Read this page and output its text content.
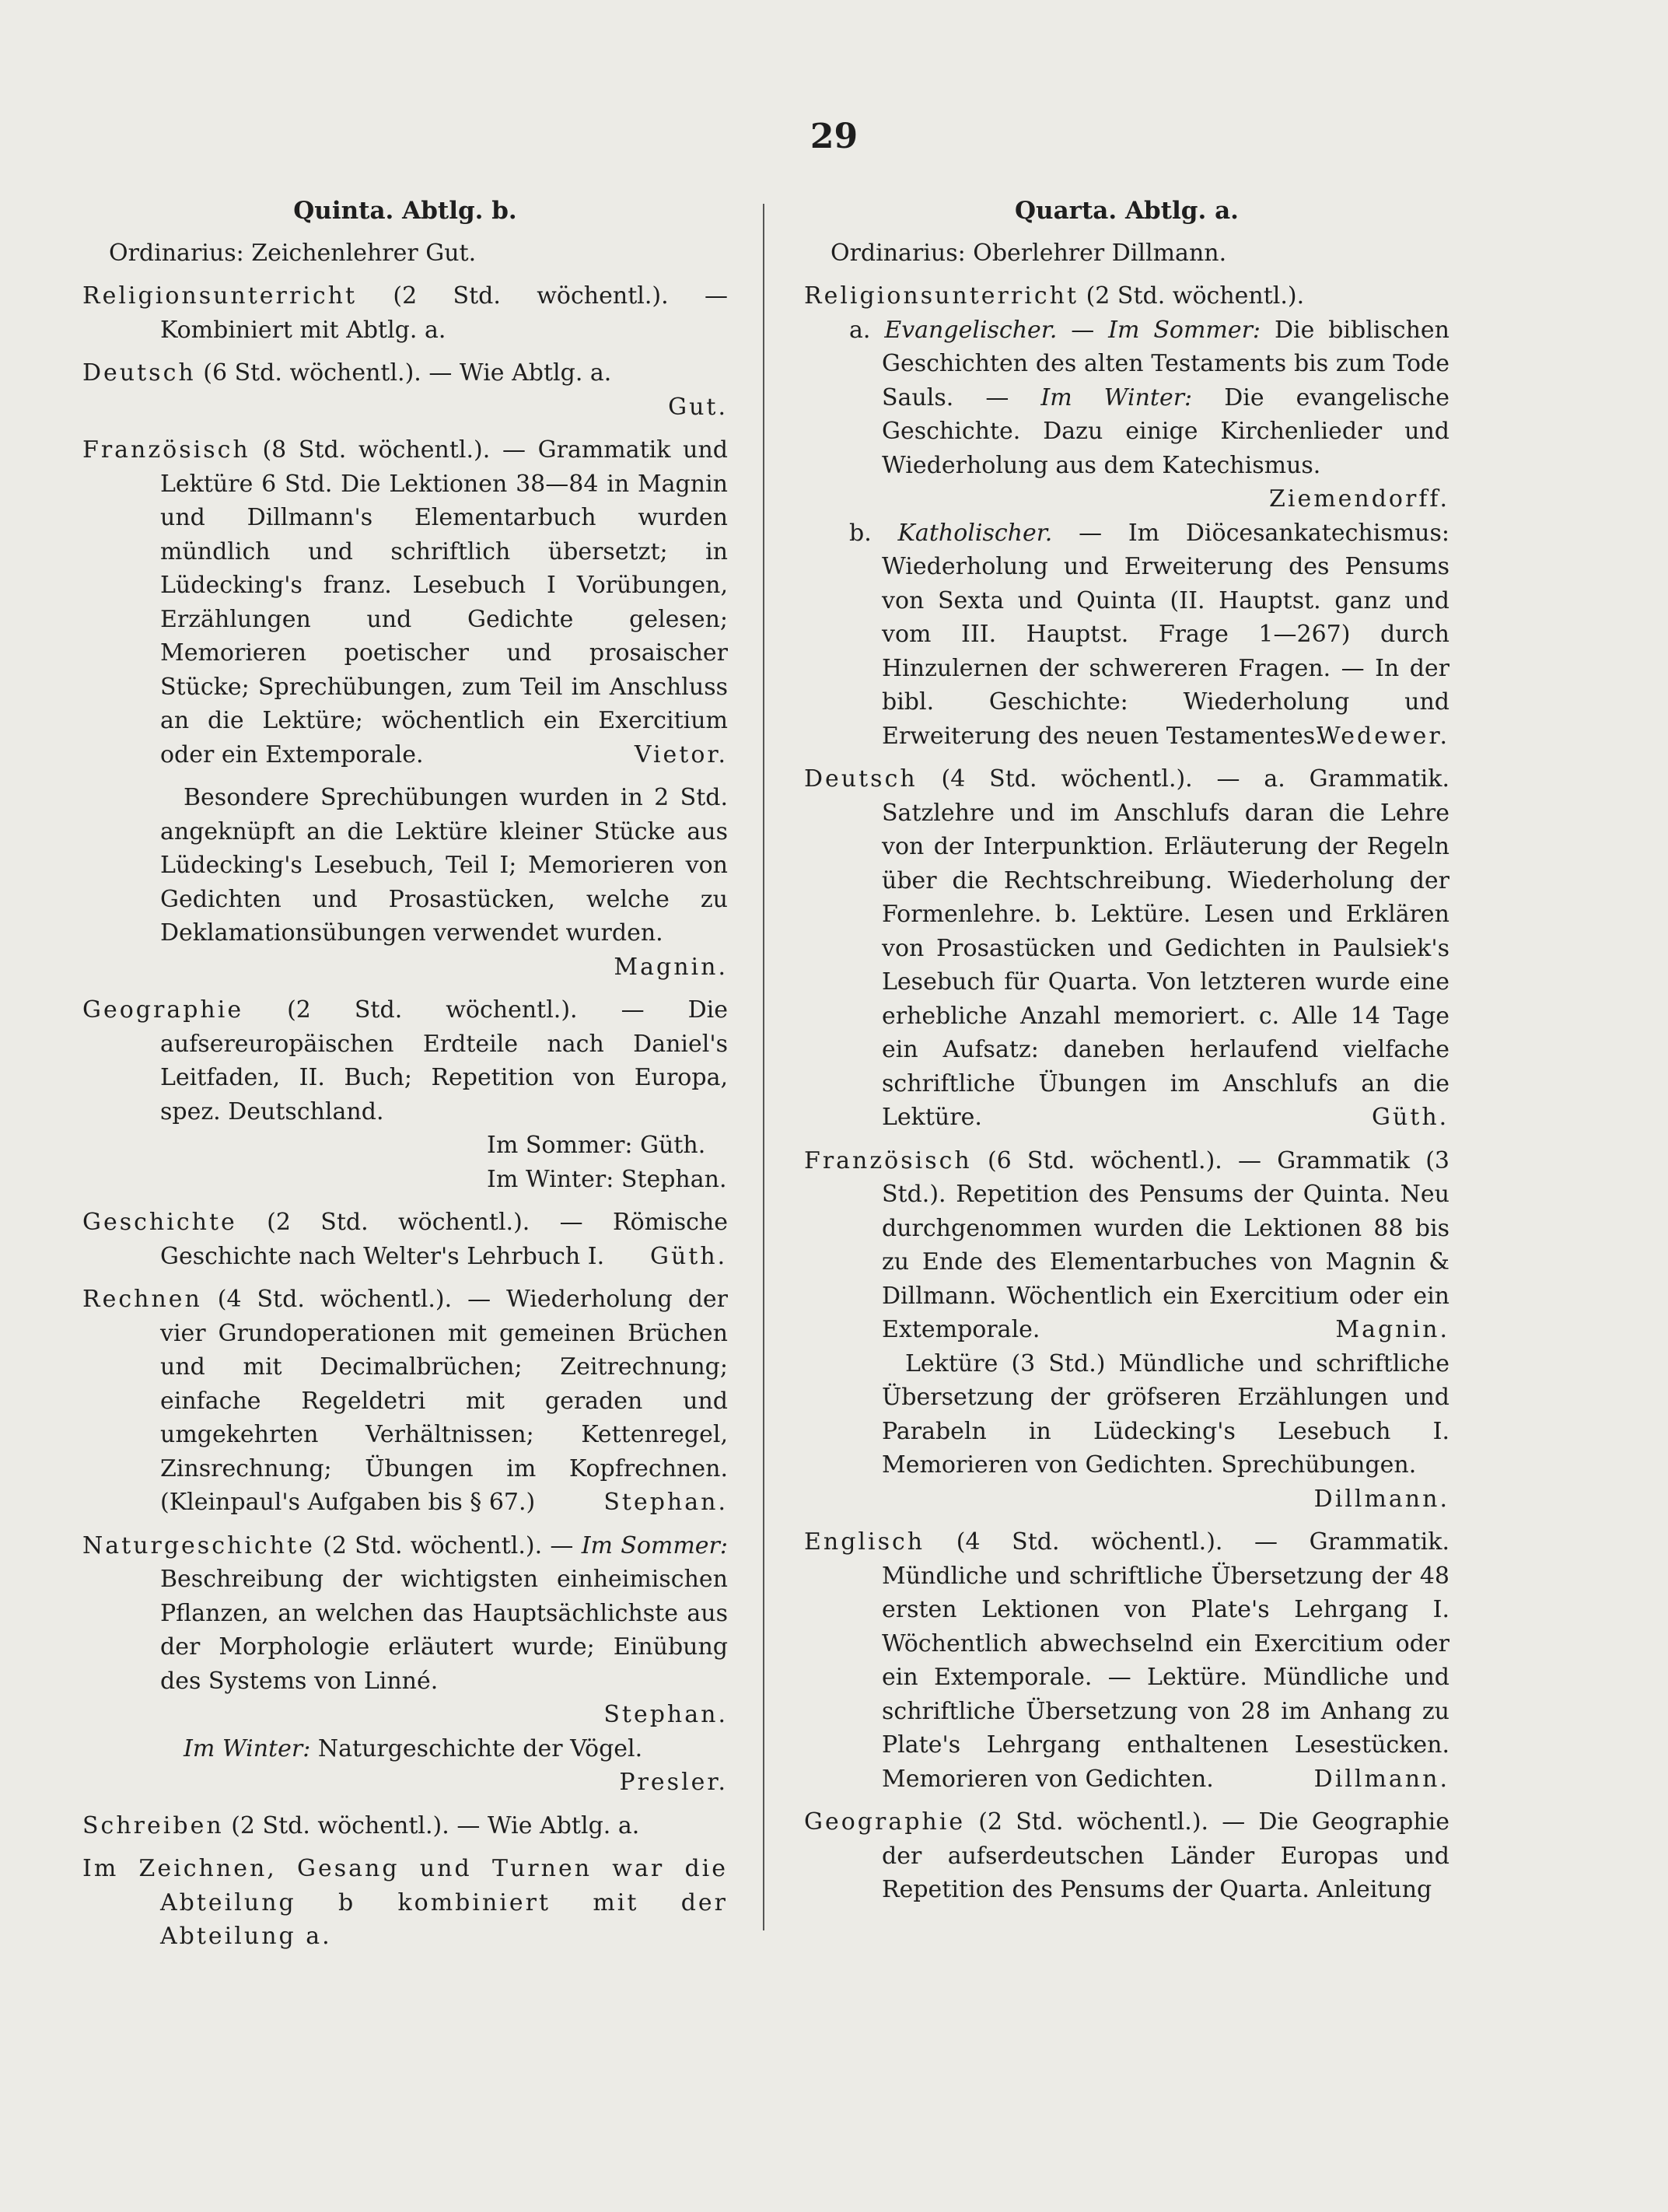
29
Quinta. Abtlg. b.
Ordinarius: Zeichenlehrer Gut.
Religionsunterricht (2 Std. wöchentl.). — Kombiniert mit Abtlg. a.
Deutsch (6 Std. wöchentl.). — Wie Abtlg. a.
Gut.
Französisch (8 Std. wöchentl.). — Grammatik und Lektüre 6 Std. Die Lektionen 38—84 in Magnin und Dillmann's Elementarbuch wurden mündlich und schriftlich übersetzt; in Lüdecking's franz. Lesebuch I Vorübungen, Erzählungen und Gedichte gelesen; Memorieren poetischer und prosaischer Stücke; Sprechübungen, zum Teil im Anschluss an die Lektüre; wöchentlich ein Exercitium oder ein Extemporale.	Vietor.
Besondere Sprechübungen wurden in 2 Std. angeknüpft an die Lektüre kleiner Stücke aus Lüdecking's Lesebuch, Teil I; Memorieren von Gedichten und Prosastücken, welche zu Deklamationsübungen verwendet wurden.
Magnin.
Geographie (2 Std. wöchentl.). — Die aufsereuropäischen Erdteile nach Daniel's Leitfaden, II. Buch; Repetition von Europa, spez. Deutschland.
Im Sommer: Güth.
Im Winter: Stephan.
Geschichte (2 Std. wöchentl.). — Römische Geschichte nach Welter's Lehrbuch I. Güth.
Rechnen (4 Std. wöchentl.). — Wiederholung der vier Grundoperationen mit gemeinen Brüchen und mit Decimalbrüchen; Zeitrechnung; einfache Regeldetri mit geraden und umgekehrten Verhältnissen; Kettenregel, Zinsrechnung; Übungen im Kopfrechnen. (Kleinpaul's Aufgaben bis § 67.)	Stephan.
Naturgeschichte (2 Std. wöchentl.). — Im Sommer: Beschreibung der wichtigsten einheimischen Pflanzen, an welchen das Hauptsächlichste aus der Morphologie erläutert wurde; Einübung des Systems von Linné.
Stephan.
Im Winter: Naturgeschichte der Vögel.
Presler.
Schreiben (2 Std. wöchentl.). — Wie Abtlg. a.
Im Zeichnen, Gesang und Turnen war die Abteilung b kombiniert mit der Abteilung a.
Quarta. Abtlg. a.
Ordinarius: Oberlehrer Dillmann.
Religionsunterricht (2 Std. wöchentl.).
a. Evangelischer. — Im Sommer: Die biblischen Geschichten des alten Testaments bis zum Tode Sauls. — Im Winter: Die evangelische Geschichte. Dazu einige Kirchenlieder und Wiederholung aus dem Katechismus.
Ziemendorff.
b. Katholischer. — Im Diöcesankatechismus: Wiederholung und Erweiterung des Pensums von Sexta und Quinta (II. Hauptst. ganz und vom III. Hauptst. Frage 1—267) durch Hinzulernen der schwereren Fragen. — In der bibl. Geschichte: Wiederholung und Erweiterung des neuen Testamentes.
Wedewer.
Deutsch (4 Std. wöchentl.). — a. Grammatik. Satzlehre und im Anschlufs daran die Lehre von der Interpunktion. Erläuterung der Regeln über die Rechtschreibung. Wiederholung der Formenlehre. b. Lektüre. Lesen und Erklären von Prosastücken und Gedichten in Paulsiek's Lesebuch für Quarta. Von letzteren wurde eine erhebliche Anzahl memoriert. c. Alle 14 Tage ein Aufsatz: daneben herlaufend vielfache schriftliche Übungen im Anschlufs an die Lektüre.	Güth.
Französisch (6 Std. wöchentl.). — Grammatik (3 Std.). Repetition des Pensums der Quinta. Neu durchgenommen wurden die Lektionen 88 bis zu Ende des Elementarbuches von Magnin & Dillmann. Wöchentlich ein Exercitium oder ein Extemporale.	Magnin.
Lektüre (3 Std.) Mündliche und schriftliche Übersetzung der gröfseren Erzählungen und Parabeln in Lüdecking's Lesebuch I. Memorieren von Gedichten. Sprechübungen.
Dillmann.
Englisch (4 Std. wöchentl.). — Grammatik. Mündliche und schriftliche Übersetzung der 48 ersten Lektionen von Plate's Lehrgang I. Wöchentlich abwechselnd ein Exercitium oder ein Extemporale. — Lektüre. Mündliche und schriftliche Übersetzung von 28 im Anhang zu Plate's Lehrgang enthaltenen Lesestücken. Memorieren von Gedichten.	Dillmann.
Geographie (2 Std. wöchentl.). — Die Geographie der aufserdeutschen Länder Europas und Repetition des Pensums der Quarta. Anleitung
